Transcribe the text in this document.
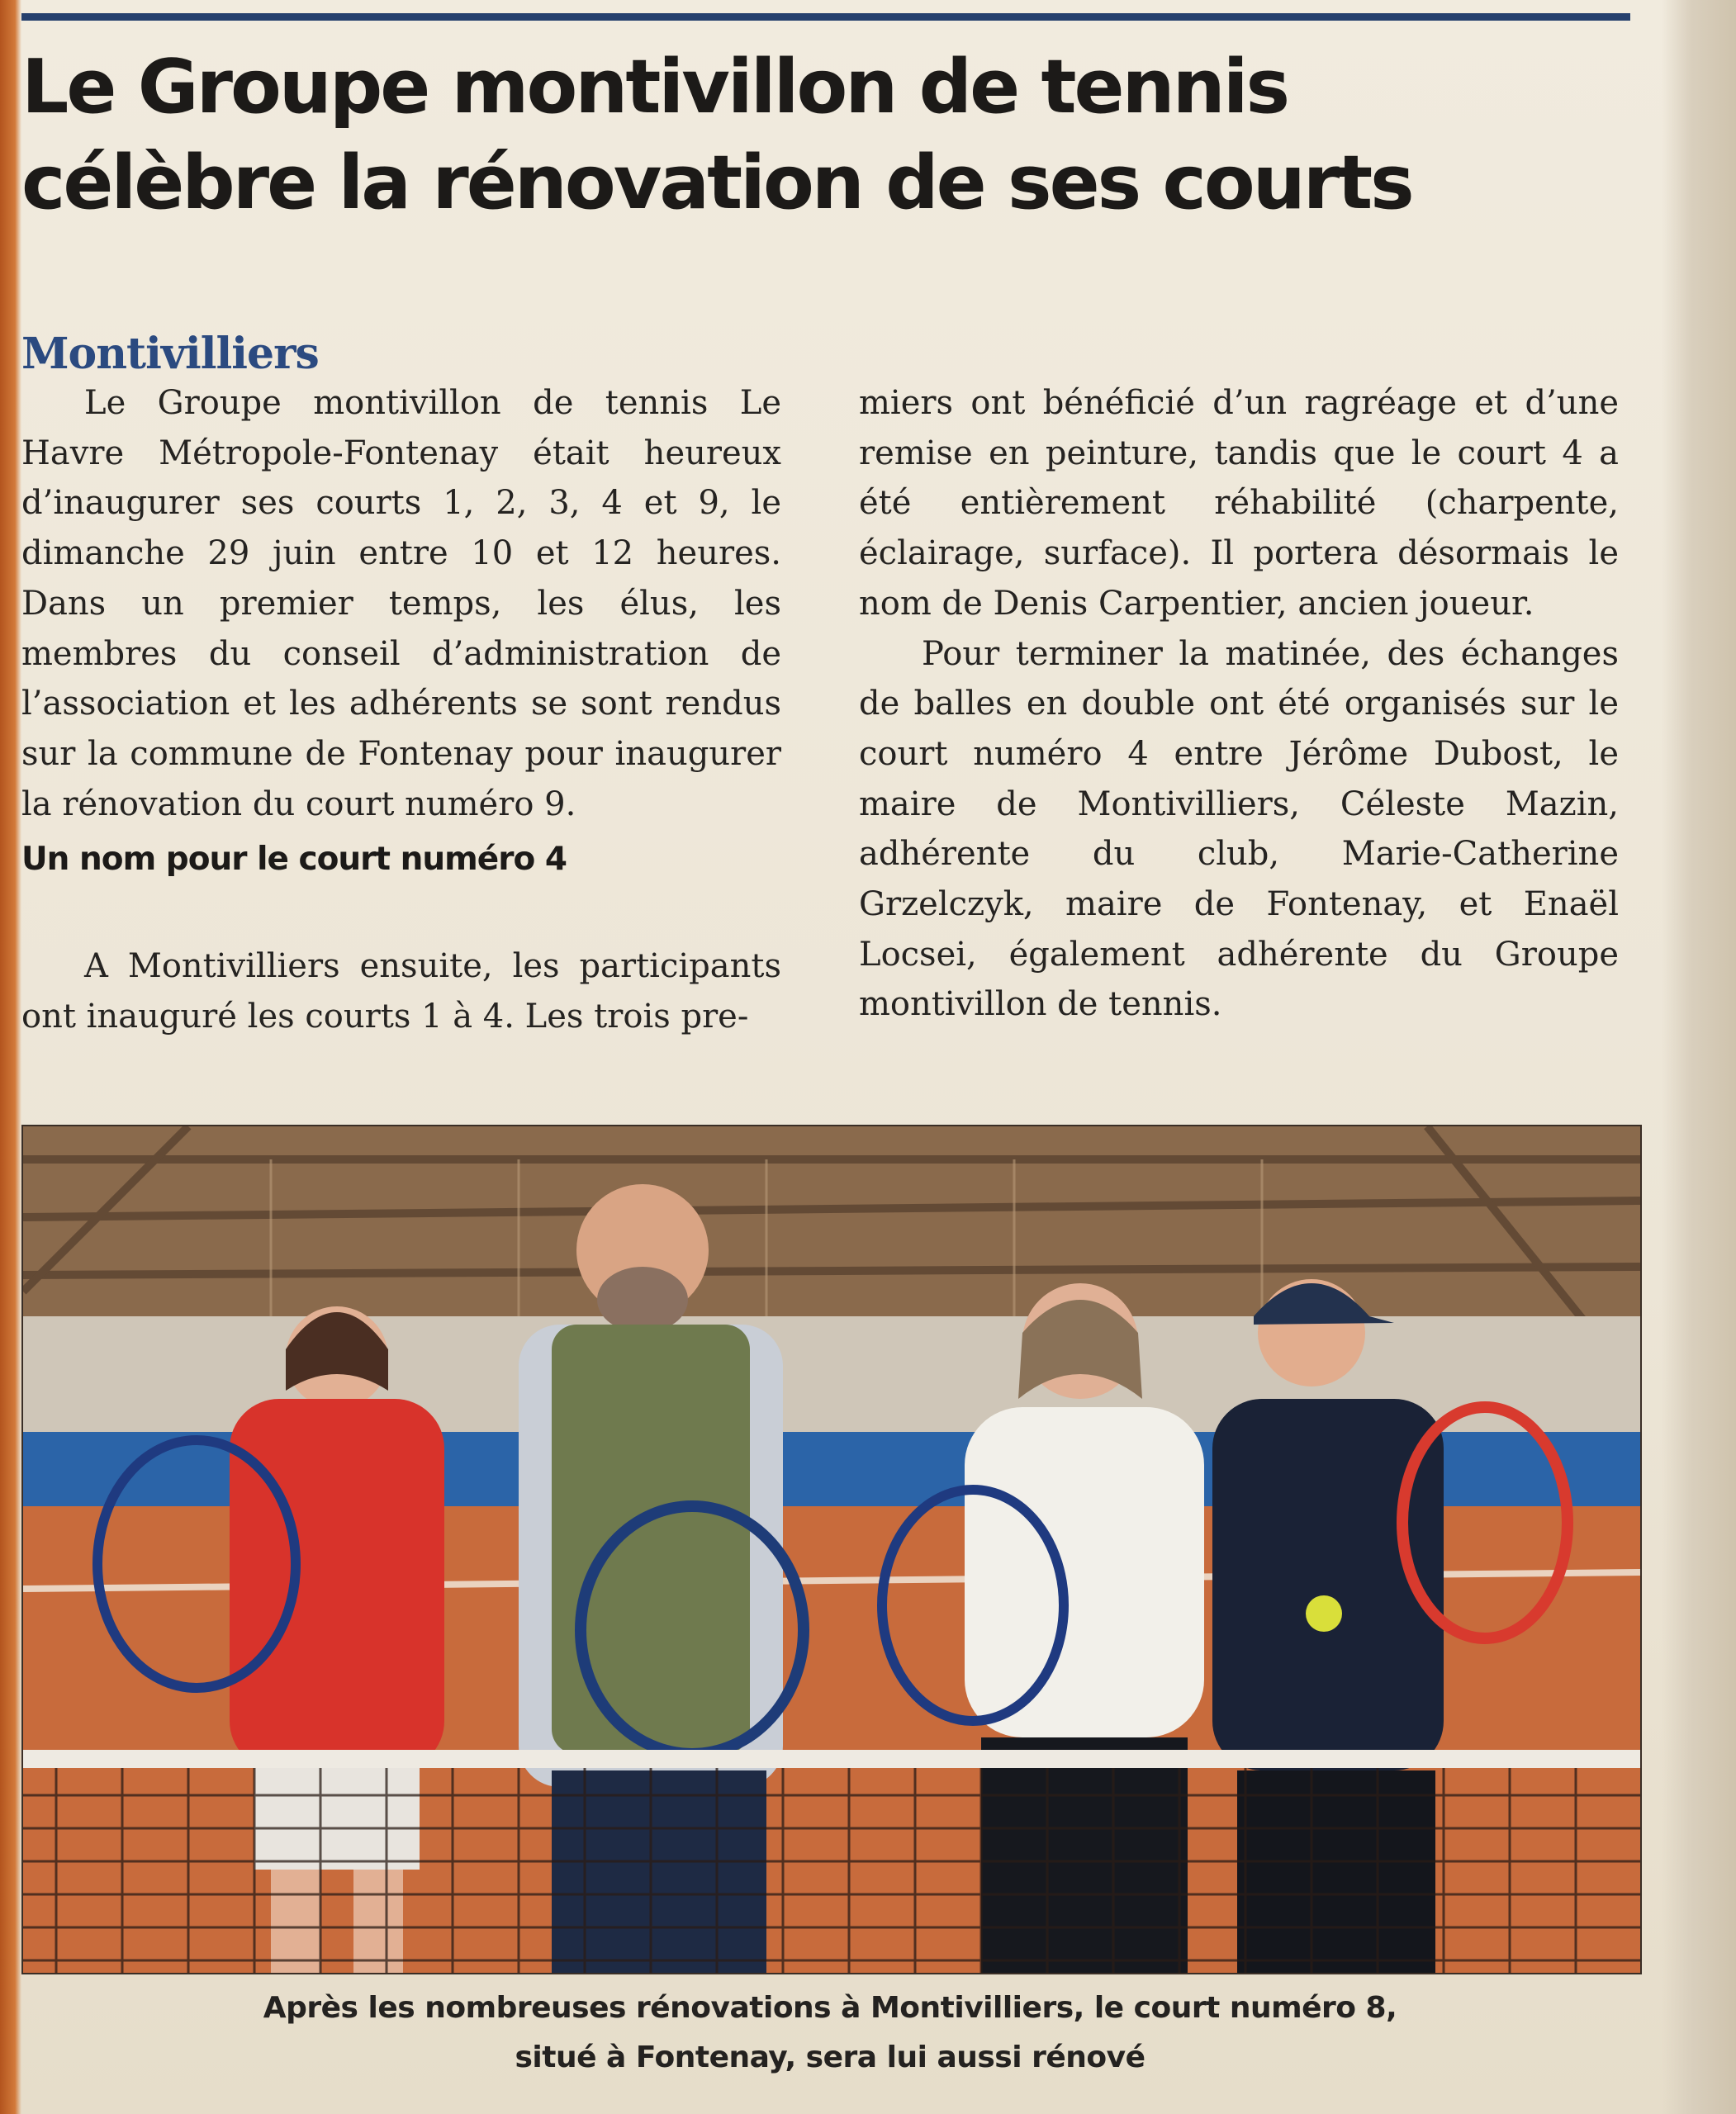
Le Groupe montivillon de tennis
célèbre la rénovation de ses courts
Montivilliers

Le Groupe montivillon de tennis Le Havre Métropole-Fontenay était heureux d’inaugurer ses courts 1, 2, 3, 4 et 9, le dimanche 29 juin entre 10 et 12 heures. Dans un premier temps, les élus, les membres du conseil d’administration de l’association et les adhérents se sont rendus sur la commune de Fontenay pour inaugurer la rénovation du court numéro 9.

Un nom pour le court numéro 4

A Montivilliers ensuite, les participants ont inauguré les courts 1 à 4. Les trois pre-

miers ont bénéficié d’un ragréage et d’une remise en peinture, tandis que le court 4 a été entièrement réhabilité (charpente, éclairage, surface). Il portera désormais le nom de Denis Carpentier, ancien joueur.

Pour terminer la matinée, des échanges de balles en double ont été organisés sur le court numéro 4 entre Jérôme Dubost, le maire de Montivilliers, Céleste Mazin, adhérente du club, Marie-Catherine Grzelczyk, maire de Fontenay, et Enaël Locsei, également adhérente du Groupe montivillon de tennis.

Après les nombreuses rénovations à Montivilliers, le court numéro 8,
situé à Fontenay, sera lui aussi rénové
